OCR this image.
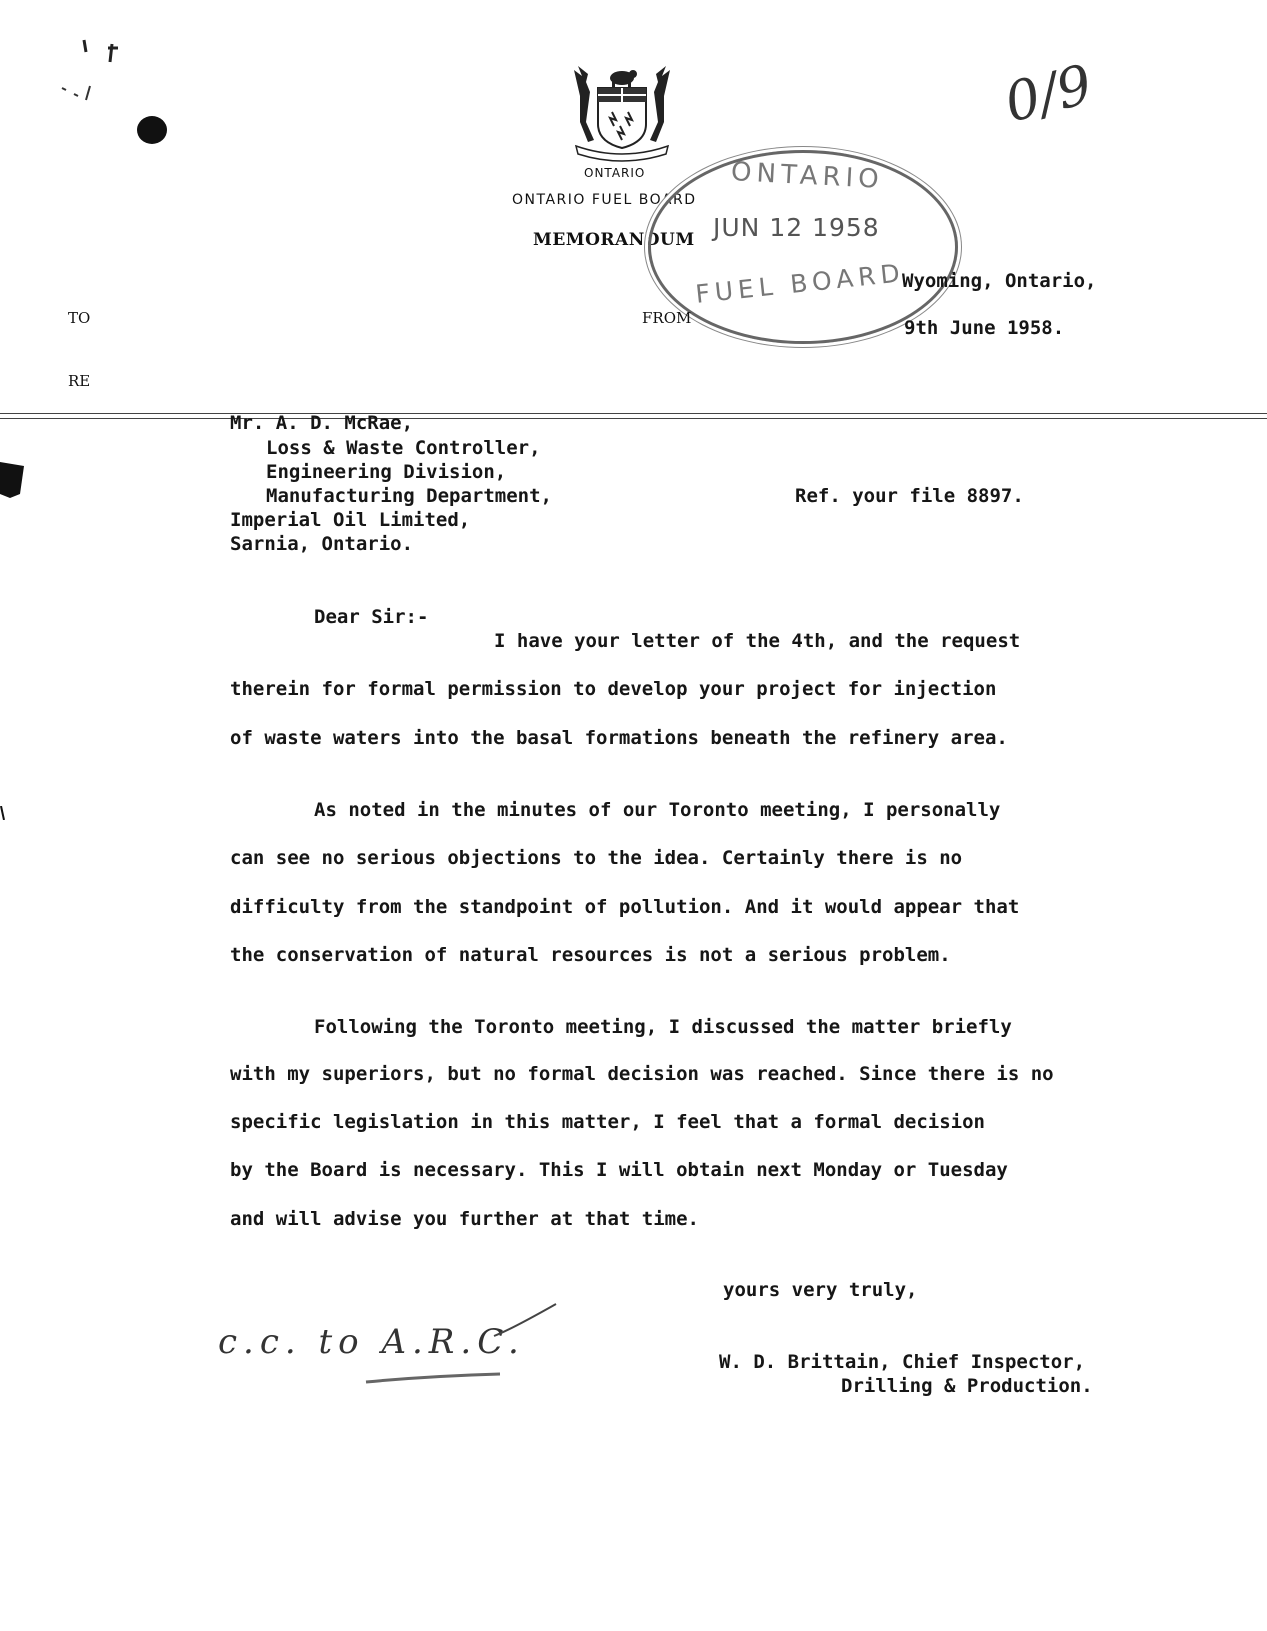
0/9
ONTARIO
ONTARIO FUEL BOARD
MEMORANDUM
ONTARIO
JUN 12 1958
FUEL BOARD
Wyoming, Ontario,
9th June 1958.
TO	FROM
RE
Mr. A. D. McRae,
Loss & Waste Controller,
Engineering Division,
Manufacturing Department,
Imperial Oil Limited,
Sarnia, Ontario.
Ref. your file 8897.
Dear Sir:-
I have your letter of the 4th, and the request
therein for formal permission to develop your project for injection
of waste waters into the basal formations beneath the refinery area.
As noted in the minutes of our Toronto meeting, I personally
can see no serious objections to the idea. Certainly there is no
difficulty from the standpoint of pollution. And it would appear that
the conservation of natural resources is not a serious problem.
Following the Toronto meeting, I discussed the matter briefly
with my superiors, but no formal decision was reached. Since there is no
specific legislation in this matter, I feel that a formal decision
by the Board is necessary. This I will obtain next Monday or Tuesday
and will advise you further at that time.
yours very truly,
c.c. to A.R.C.	W. D. Brittain, Chief Inspector,
Drilling & Production.
